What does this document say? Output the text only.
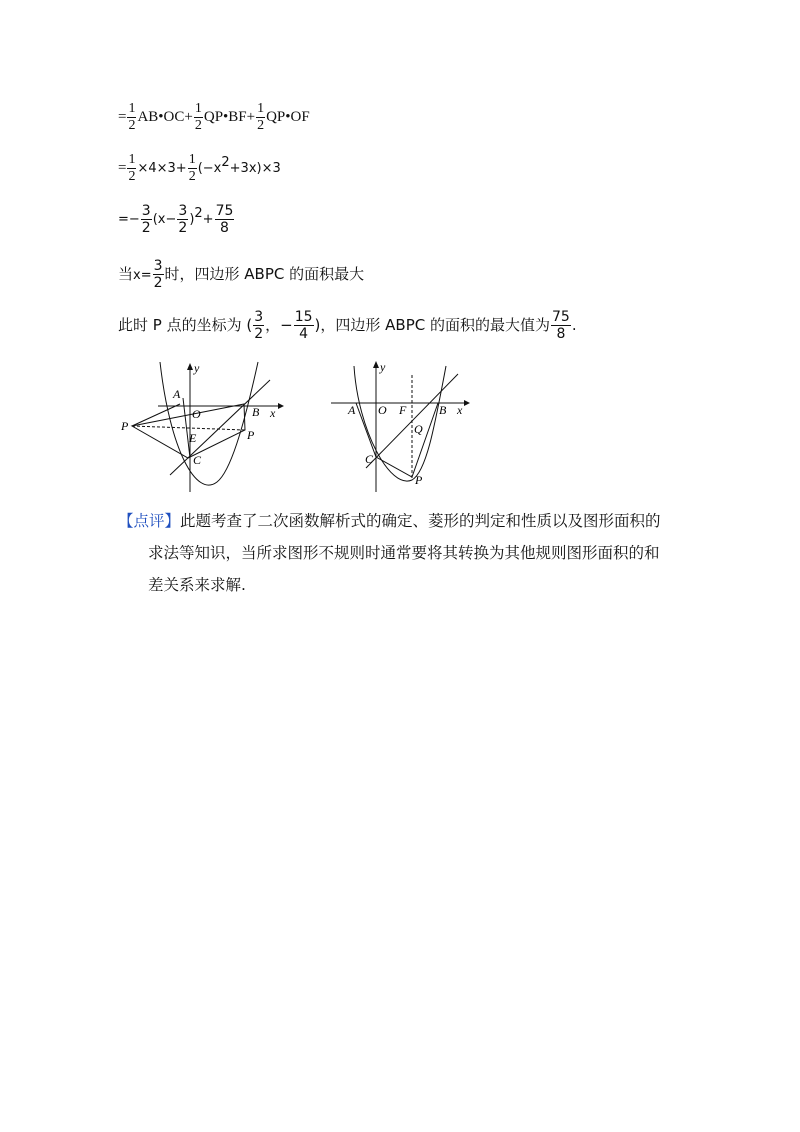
= $\frac{1}{2}$ AB•OC+ $\frac{1}{2}$ QP•BF+ $\frac{1}{2}$ QP•OF
= $\frac{1}{2} \times 4\times 3+ \frac{1}{2} (-x^2+3x)\times 3$
=− $\frac{3}{2} (x- \frac{3}{2} )^2+ \frac{75}{8}$
当$x= \frac{3}{2}$ 时，四边形 ABPC 的面积最大
此时 P 点的坐标为 ( $\frac{3}{2}$ ，− $\frac{15}{4}$ )，四边形 ABPC 的面积的最大值为 $\frac{75}{8}$ .
y
A
O	B x
P
E	P
C
y
A O F	B x
Q
C
P
【点评】此题考查了二次函数解析式的确定、菱形的判定和性质以及图形面积的
求法等知识，当所求图形不规则时通常要将其转换为其他规则图形面积的和
差关系来求解.
